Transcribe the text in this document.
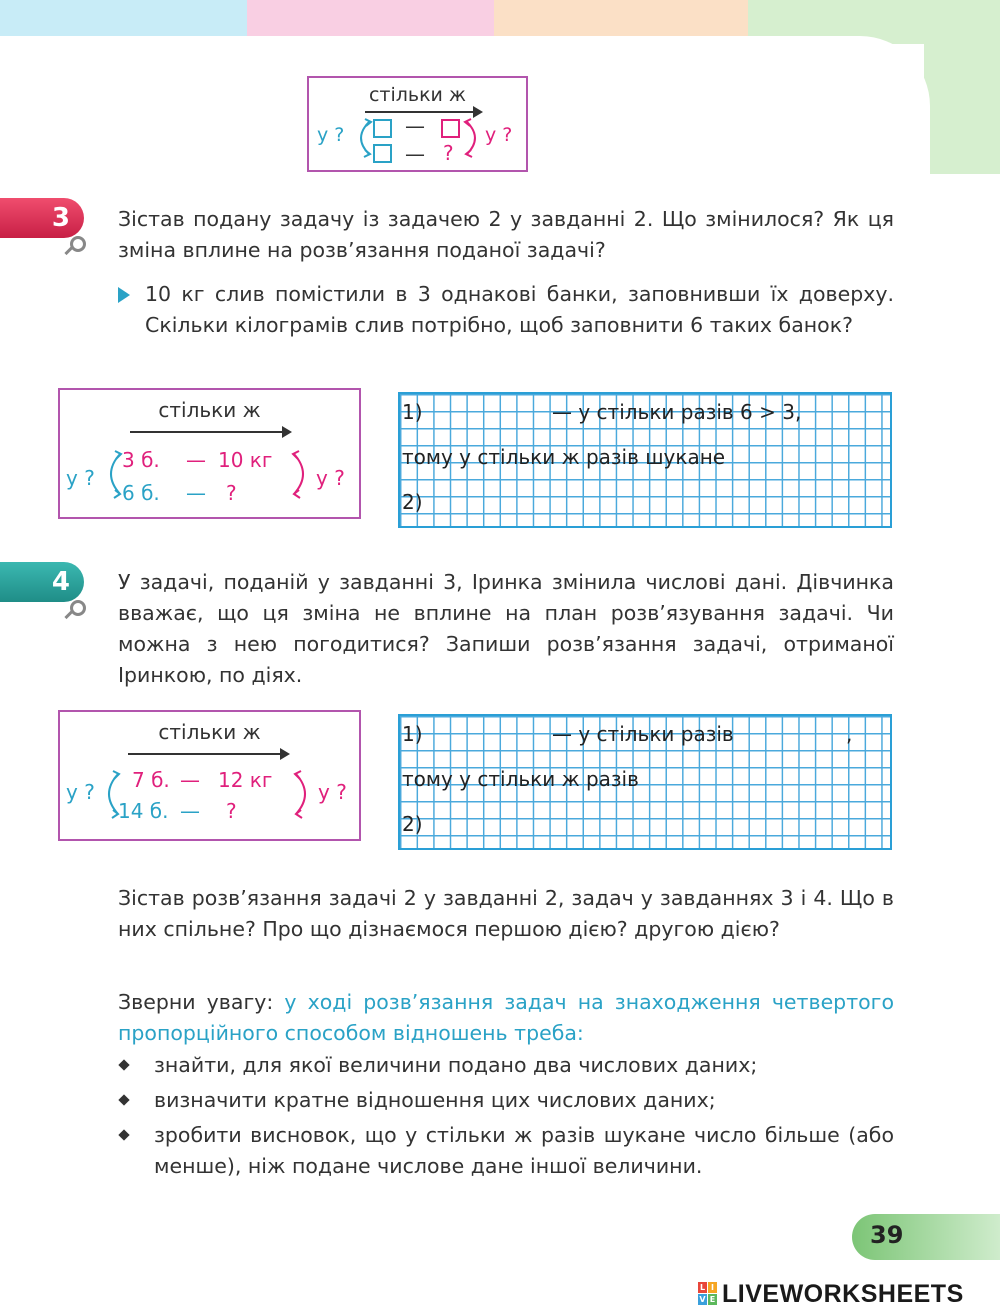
стільки ж
у ?	—
— ?
у ?
3	Зістав подану задачу із задачею 2 у завданні 2. Що змінилося? Як ця зміна вплине на розв’язання поданої задачі?
10 кг слив помістили в 3 однакові банки, заповнивши їх доверху. Скільки кілограмів слив потрібно, щоб заповнити 6 таких банок?
стільки ж
у ?
3 б. — 10 кг
6 б. — ?
у ?
1)	— у стільки разів 6 > 3,
тому у стільки ж разів шукане
2)
4	У задачі, поданій у завданні 3, Іринка змінила числові дані. Дівчинка вважає, що ця зміна не вплине на план розв’язування задачі. Чи можна з нею погодитися? Запиши розв’язання задачі, отриманої Іринкою, по діях.
стільки ж
у ? 7 б. — 12 кг
14 б. — ?
у ?
1)	— у стільки разів	,
тому у стільки ж разів
2)
Зістав розв’язання задачі 2 у завданні 2, задач у завданнях 3 і 4. Що в них спільне? Про що дізнаємося першою дією? другою дією?
Зверни увагу: у ході розв’язання задач на знаходження четвертого пропорційного способом відношень треба:
знайти, для якої величини подано два числових даних;
визначити кратне відношення цих числових даних;
зробити висновок, що у стільки ж разів шукане число більше (або менше), ніж подане числове дане іншої величини.
39
L I
V E LIVEWORKSHEETS
